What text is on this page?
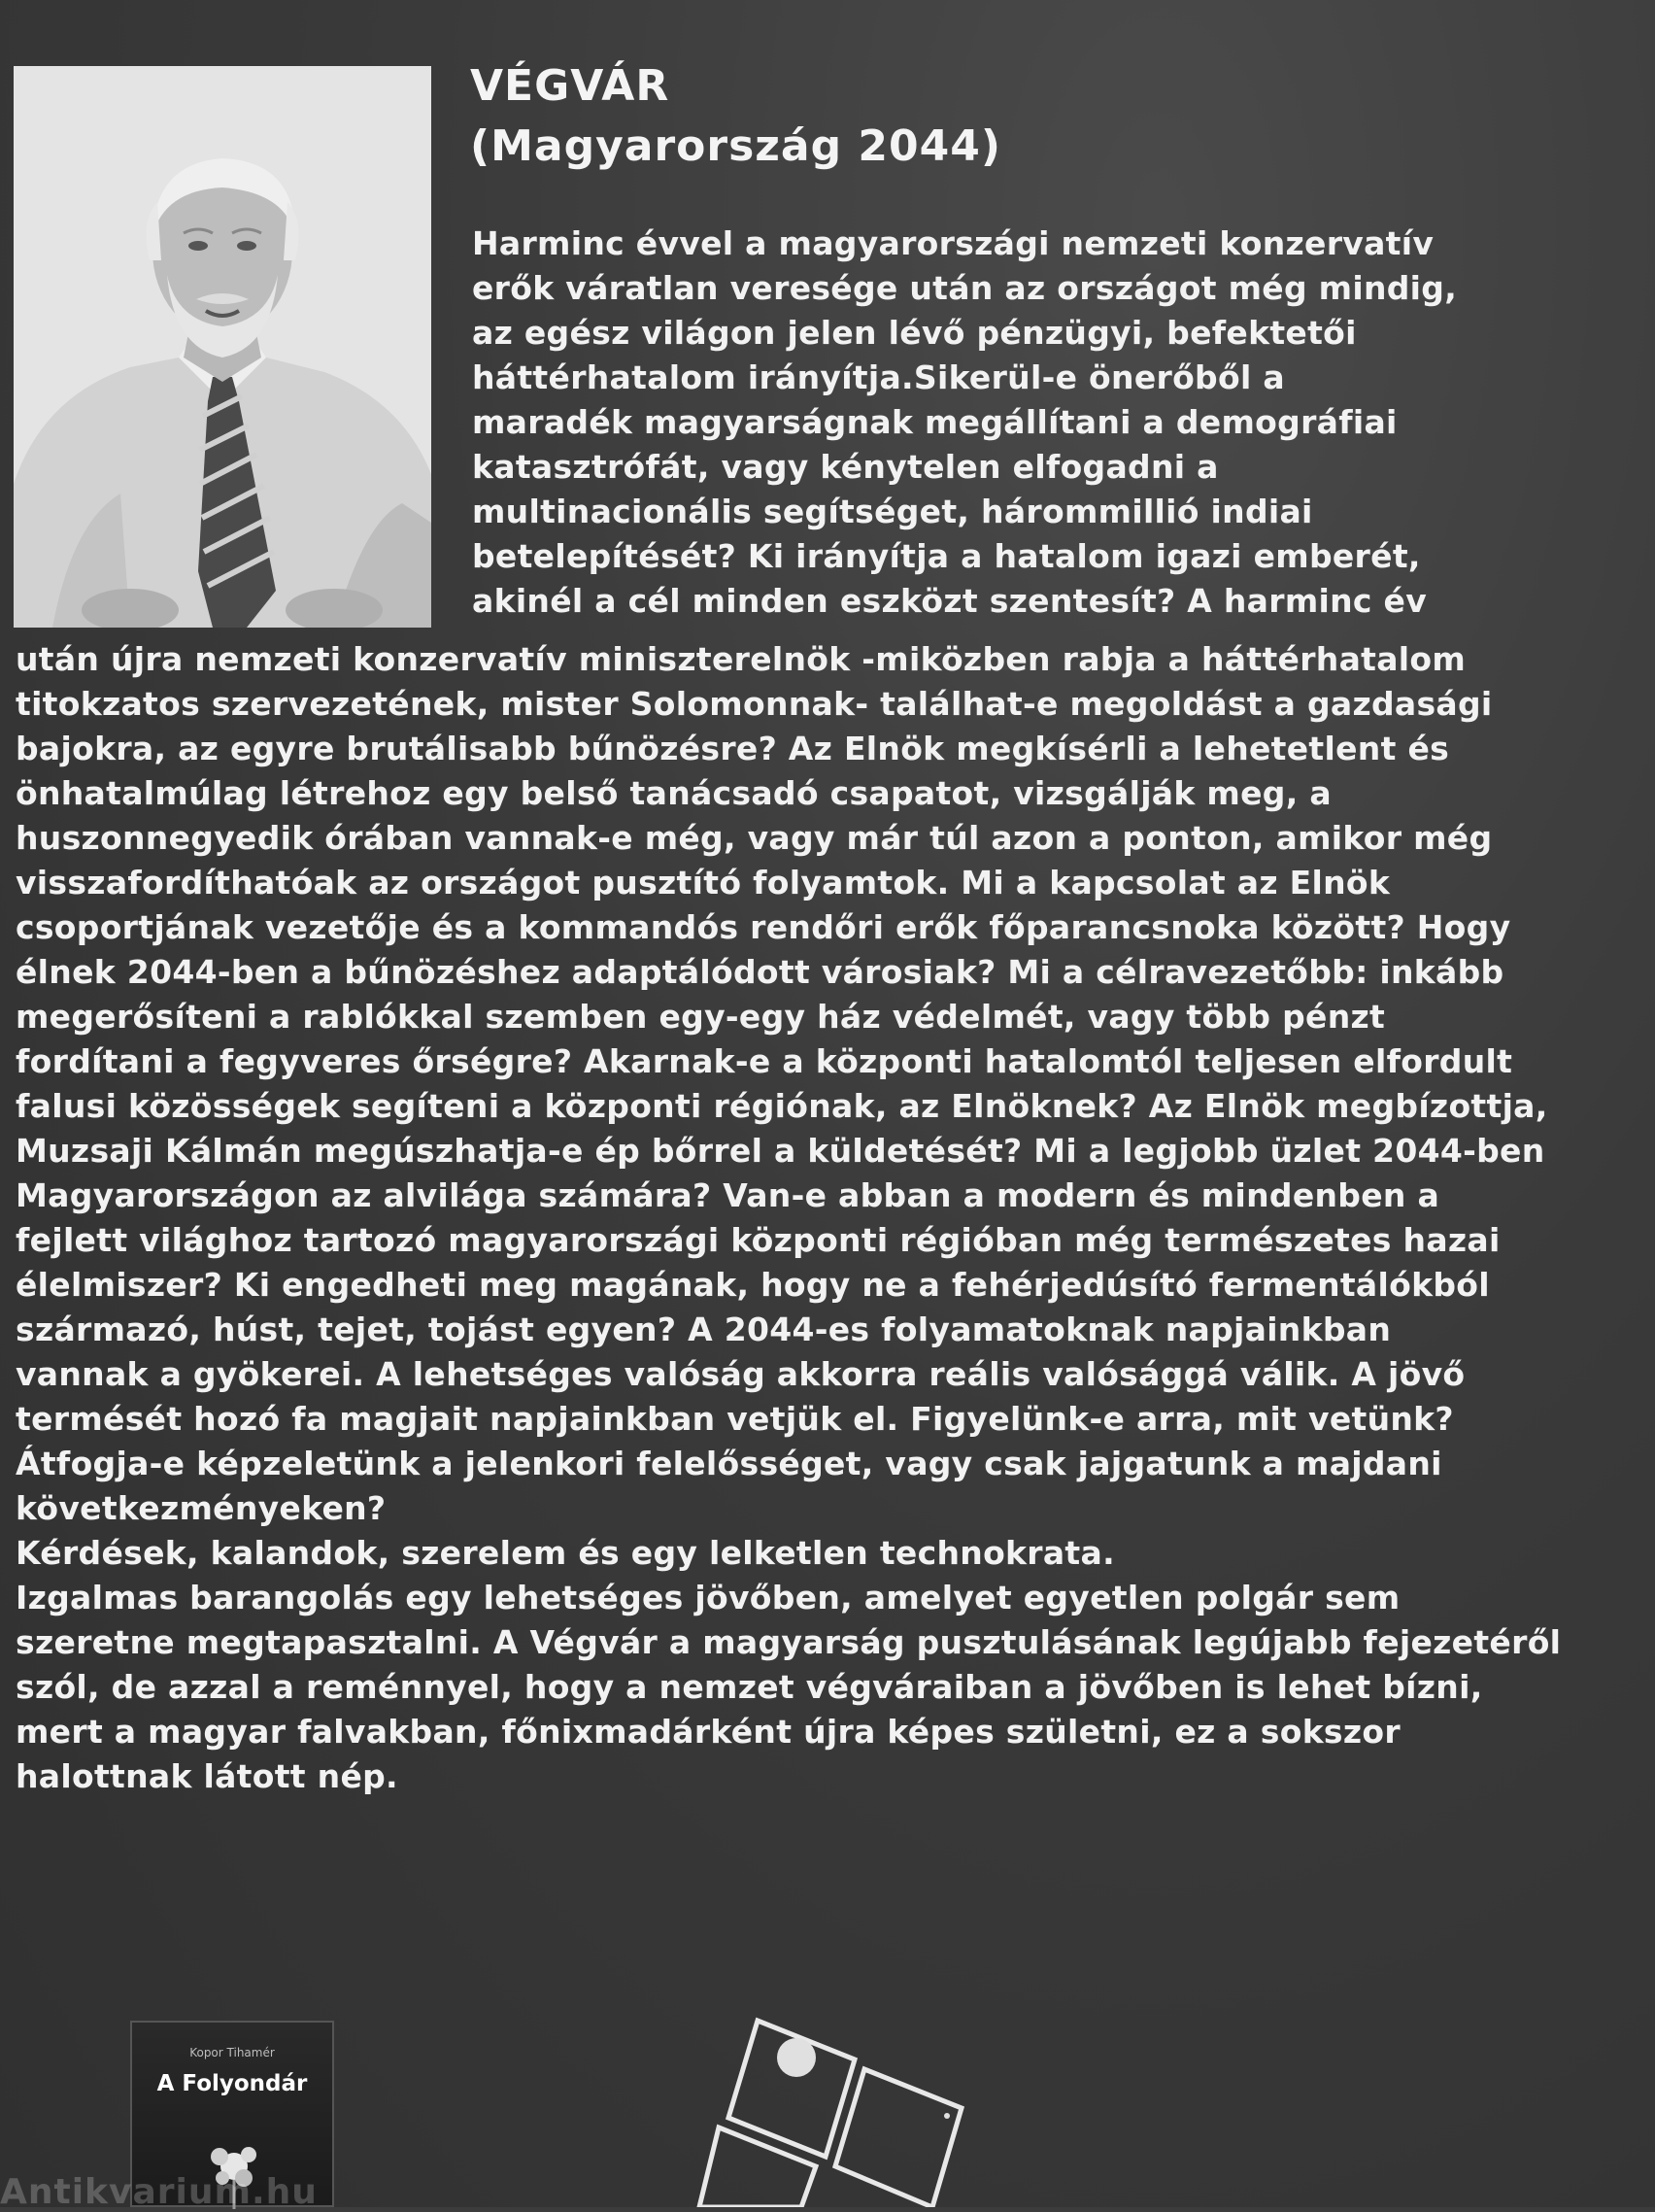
VÉGVÁR
(Magyarország 2044)
Harminc évvel a magyarországi nemzeti konzervatív
erők váratlan veresége után az országot még mindig,
az egész világon jelen lévő pénzügyi, befektetői
háttérhatalom irányítja.Sikerül-e önerőből a
maradék magyarságnak megállítani a demográfiai
katasztrófát, vagy kénytelen elfogadni a
multinacionális segítséget, hárommillió indiai
betelepítését? Ki irányítja a hatalom igazi emberét,
akinél a cél minden eszközt szentesít? A harminc év
után újra nemzeti konzervatív miniszterelnök -miközben rabja a háttérhatalom
titokzatos szervezetének, mister Solomonnak- találhat-e megoldást a gazdasági
bajokra, az egyre brutálisabb bűnözésre? Az Elnök megkísérli a lehetetlent és
önhatalmúlag létrehoz egy belső tanácsadó csapatot, vizsgálják meg, a
huszonnegyedik órában vannak-e még, vagy már túl azon a ponton, amikor még
visszafordíthatóak az országot pusztító folyamtok. Mi a kapcsolat az Elnök
csoportjának vezetője és a kommandós rendőri erők főparancsnoka között? Hogy
élnek 2044-ben a bűnözéshez adaptálódott városiak? Mi a célravezetőbb: inkább
megerősíteni a rablókkal szemben egy-egy ház védelmét, vagy több pénzt
fordítani a fegyveres őrségre? Akarnak-e a központi hatalomtól teljesen elfordult
falusi közösségek segíteni a központi régiónak, az Elnöknek? Az Elnök megbízottja,
Muzsaji Kálmán megúszhatja-e ép bőrrel a küldetését? Mi a legjobb üzlet 2044-ben
Magyarországon az alvilága számára? Van-e abban a modern és mindenben a
fejlett világhoz tartozó magyarországi központi régióban még természetes hazai
élelmiszer? Ki engedheti meg magának, hogy ne a fehérjedúsító fermentálókból
származó, húst, tejet, tojást egyen? A 2044-es folyamatoknak napjainkban
vannak a gyökerei. A lehetséges valóság akkorra reális valósággá válik. A jövő
termését hozó fa magjait napjainkban vetjük el. Figyelünk-e arra, mit vetünk?
Átfogja-e képzeletünk a jelenkori felelősséget, vagy csak jajgatunk a majdani
következményeken?
Kérdések, kalandok, szerelem és egy lelketlen technokrata.
Izgalmas barangolás egy lehetséges jövőben, amelyet egyetlen polgár sem
szeretne megtapasztalni. A Végvár a magyarság pusztulásának legújabb fejezetéről
szól, de azzal a reménnyel, hogy a nemzet végváraiban a jövőben is lehet bízni,
mert a magyar falvakban, főnixmadárként újra képes születni, ez a sokszor
halottnak látott nép.
Kopor Tihamér
A Folyondár
Antikvarium.hu
